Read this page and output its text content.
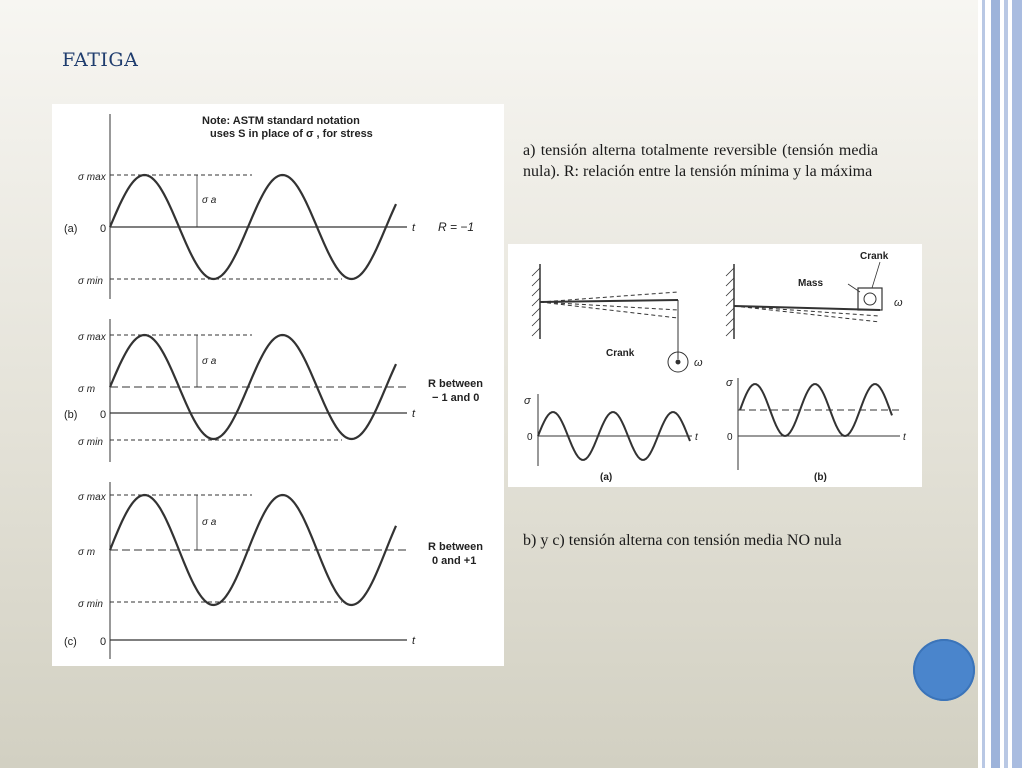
FATIGA
Note: ASTM standard notation
uses S in place of σ , for stress
(a) 0
σ max
σ min
σ a
t R = −1
(b) 0
σ max
σ m
σ min
σ a
t
R between
− 1 and 0
(c) 0
σ max
σ m
σ min
σ a
t
R between
0 and +1
a) tensión alterna totalmente reversible (tensión media nula). R: relación entre la tensión mínima y la máxima
Crank
ω
Crank
Mass
ω
σ
0	t
(a)
σ
0	t
(b)
b) y c) tensión alterna con tensión media NO nula
